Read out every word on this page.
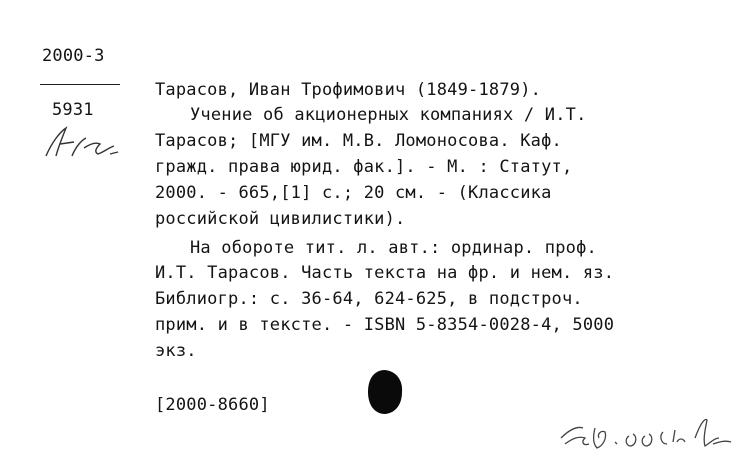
2000-3
5931
Тарасов, Иван Трофимович (1849-1879).
Учение об акционерных компаниях / И.Т.
Тарасов; [МГУ им. М.В. Ломоносова. Каф.
гражд. права юрид. фак.]. - М. : Статут,
2000. - 665,[1] с.; 20 см. - (Классика
российской цивилистики).
На обороте тит. л. авт.: ординар. проф.
И.Т. Тарасов. Часть текста на фр. и нем. яз.
Библиогр.: с. 36-64, 624-625, в подстроч.
прим. и в тексте. - ISBN 5-8354-0028-4, 5000
экз.
[2000-8660]
